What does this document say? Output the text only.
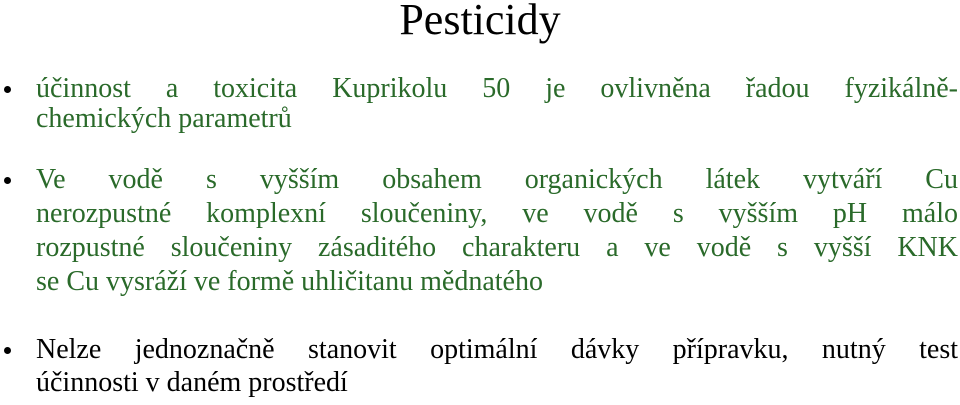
Pesticidy
účinnost a toxicita Kuprikolu 50 je ovlivněna řadou fyzikálně-
chemických parametrů
Ve vodě s vyšším obsahem organických látek vytváří Cu
nerozpustné komplexní sloučeniny, ve vodě s vyšším pH málo
rozpustné sloučeniny zásaditého charakteru a ve vodě s vyšší KNK
se Cu vysráží ve formě uhličitanu mědnatého
Nelze jednoznačně stanovit optimální dávky přípravku, nutný test
účinnosti v daném prostředí
